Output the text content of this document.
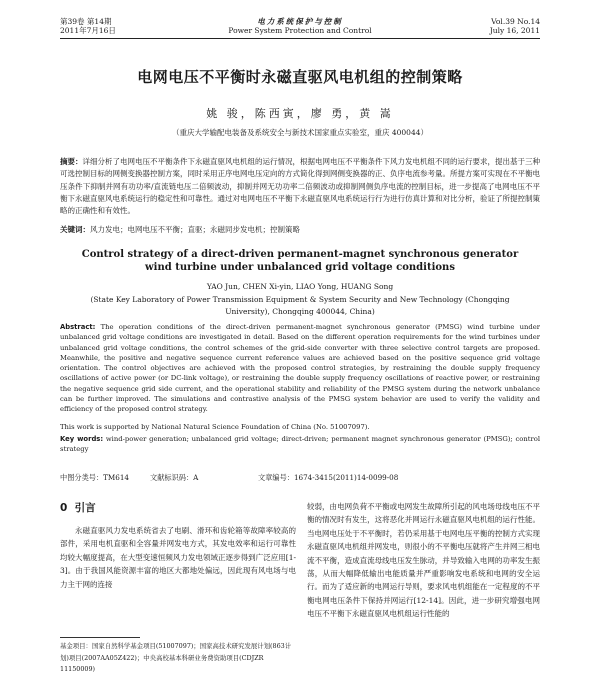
第39卷 第14期
2011年7月16日
电力系统保护与控制
Power System Protection and Control
Vol.39 No.14
July 16, 2011
电网电压不平衡时永磁直驱风电机组的控制策略
姚 骏，陈西寅，廖 勇，黄 嵩
（重庆大学输配电装备及系统安全与新技术国家重点实验室，重庆 400044）
摘要：详细分析了电网电压不平衡条件下永磁直驱风电机组的运行情况，根据电网电压不平衡条件下风力发电机组不同的运行要求，提出基于三种可选控制目标的网侧变换器控制方案，同时采用正序电网电压定向的方式简化得到网侧变换器的正、负序电流参考量。所提方案可实现在不平衡电压条件下抑制并网有功功率/直流链电压二倍频波动，抑制并网无功功率二倍频波动或抑制网侧负序电流的控制目标，进一步提高了电网电压不平衡下永磁直驱风电系统运行的稳定性和可靠性。通过对电网电压不平衡下永磁直驱风电系统运行行为进行仿真计算和对比分析，验证了所提控制策略的正确性和有效性。
关键词：风力发电；电网电压不平衡；直驱；永磁同步发电机；控制策略
Control strategy of a direct-driven permanent-magnet synchronous generator wind turbine under unbalanced grid voltage conditions
YAO Jun, CHEN Xi-yin, LIAO Yong, HUANG Song
(State Key Laboratory of Power Transmission Equipment & System Security and New Technology (Chongqing University), Chongqing 400044, China)
Abstract: The operation conditions of the direct-driven permanent-magnet synchronous generator (PMSG) wind turbine under unbalanced grid voltage conditions are investigated in detail. Based on the different operation requirements for the wind turbines under unbalanced grid voltage conditions, the control schemes of the grid-side converter with three selective control targets are proposed. Meanwhile, the positive and negative sequence current reference values are achieved based on the positive sequence grid voltage orientation. The control objectives are achieved with the proposed control strategies, by restraining the double supply frequency oscillations of active power (or DC-link voltage), or restraining the double supply frequency oscillations of reactive power, or restraining the negative sequence grid side current, and the operational stability and reliability of the PMSG system during the network unbalance can be further improved. The simulations and contrastive analysis of the PMSG system behavior are used to verify the validity and efficiency of the proposed control strategy.
This work is supported by National Natural Science Foundation of China (No. 51007097).
Key words: wind-power generation; unbalanced grid voltage; direct-driven; permanent magnet synchronous generator (PMSG); control strategy
中图分类号：TM614	文献标识码：A	文章编号：1674-3415(2011)14-0099-08
0 引言

永磁直驱风力发电系统省去了电刷、滑环和齿轮箱等故障率较高的部件，采用电机直驱和全容量并网发电方式，其发电效率和运行可靠性均较大幅度提高，在大型变速恒频风力发电领域正逐步得到广泛应用[1-3]。由于我国风能资源丰富的地区大都地处偏远，因此现有风电场与电力主干网的连接

较弱，由电网负荷不平衡或电网发生故障所引起的风电场母线电压不平衡的情况时有发生，这将恶化并网运行永磁直驱风电机组的运行性能。当电网电压处于不平衡时，若仍采用基于电网电压平衡的控制方式实现永磁直驱风电机组并网发电，则很小的不平衡电压就将产生并网三相电流不平衡，造成直流母线电压发生脉动，并导致输入电网的功率发生振荡，从而大幅降低输出电能质量并严重影响发电系统和电网的安全运行。而为了适应新的电网运行导则，要求风电机组能在一定程度的不平衡电网电压条件下保持并网运行[12-14]。因此，进一步研究增强电网电压不平衡下永磁直驱风电机组运行性能的

基金项目：国家自然科学基金项目(51007097)；国家高技术研究发展计划(863计划)项目(2007AA05Z422)；中央高校基本科研业务费资助项目(CDJZR 11150009)
